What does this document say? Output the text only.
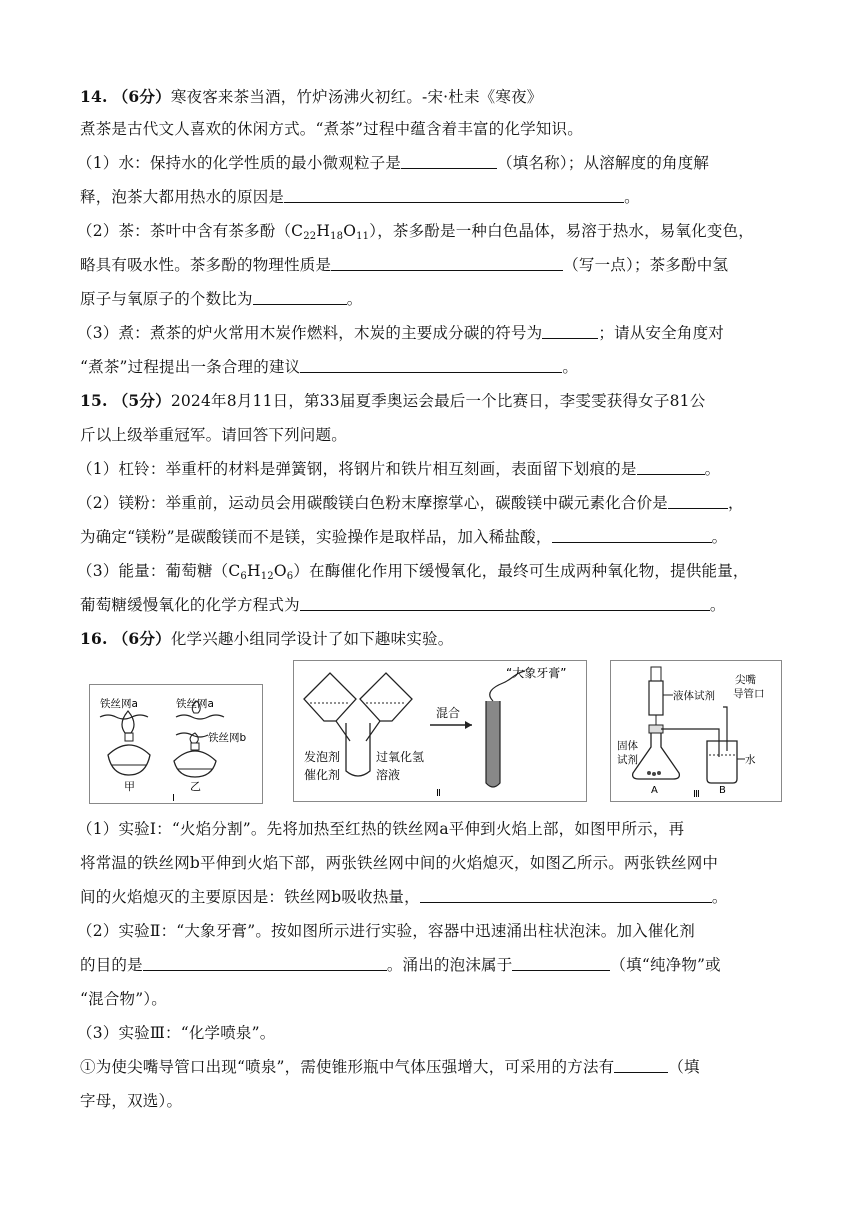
14. （6分）寒夜客来茶当酒，竹炉汤沸火初红。-宋·杜耒《寒夜》
煮茶是古代文人喜欢的休闲方式。“煮茶”过程中蕴含着丰富的化学知识。
（1）水：保持水的化学性质的最小微观粒子是	（填名称）；从溶解度的角度解
释，泡茶大都用热水的原因是	。
（2）茶：茶叶中含有茶多酚$(C_{22}H_{18}O_{11})$，茶多酚是一种白色晶体，易溶于热水，易氧化变色，
略具有吸水性。茶多酚的物理性质是	（写一点）；茶多酚中氢
原子与氧原子的个数比为	。
（3）煮：煮茶的炉火常用木炭作燃料，木炭的主要成分碳的符号为	；请从安全角度对
“煮茶”过程提出一条合理的建议	。
15. （5分）2024年8月11日，第33届夏季奥运会最后一个比赛日，李雯雯获得女子81公
斤以上级举重冠军。请回答下列问题。
（1）杠铃：举重杆的材料是弹簧钢，将钢片和铁片相互刻画，表面留下划痕的是	。
（2）镁粉：举重前，运动员会用碳酸镁白色粉末摩擦掌心，碳酸镁中碳元素化合价是	，
为确定“镁粉”是碳酸镁而不是镁，实验操作是取样品，加入稀盐酸，	。
（3）能量：葡萄糖$(C_6H_{12}O_6)$在酶催化作用下缓慢氧化，最终可生成两种氧化物，提供能量，
葡萄糖缓慢氧化的化学方程式为	。
16. （6分）化学兴趣小组同学设计了如下趣味实验。
铁丝网a	铁丝网a
铁丝网b
甲	乙
Ⅰ
发泡剂
催化剂
过氧化氢
溶液
混合
“大象牙膏”
Ⅱ
液体试剂
尖嘴
导管口
固体
试剂
A
水
B
Ⅲ
（1）实验Ⅰ：“火焰分割”。先将加热至红热的铁丝网a平伸到火焰上部，如图甲所示，再
将常温的铁丝网b平伸到火焰下部，两张铁丝网中间的火焰熄灭，如图乙所示。两张铁丝网中
间的火焰熄灭的主要原因是：铁丝网b吸收热量，	。
（2）实验Ⅱ：“大象牙膏”。按如图所示进行实验，容器中迅速涌出柱状泡沫。加入催化剂
的目的是	。涌出的泡沫属于	（填“纯净物”或
“混合物”）。
（3）实验Ⅲ：“化学喷泉”。
①为使尖嘴导管口出现“喷泉”，需使锥形瓶中气体压强增大，可采用的方法有	（填
字母，双选）。
